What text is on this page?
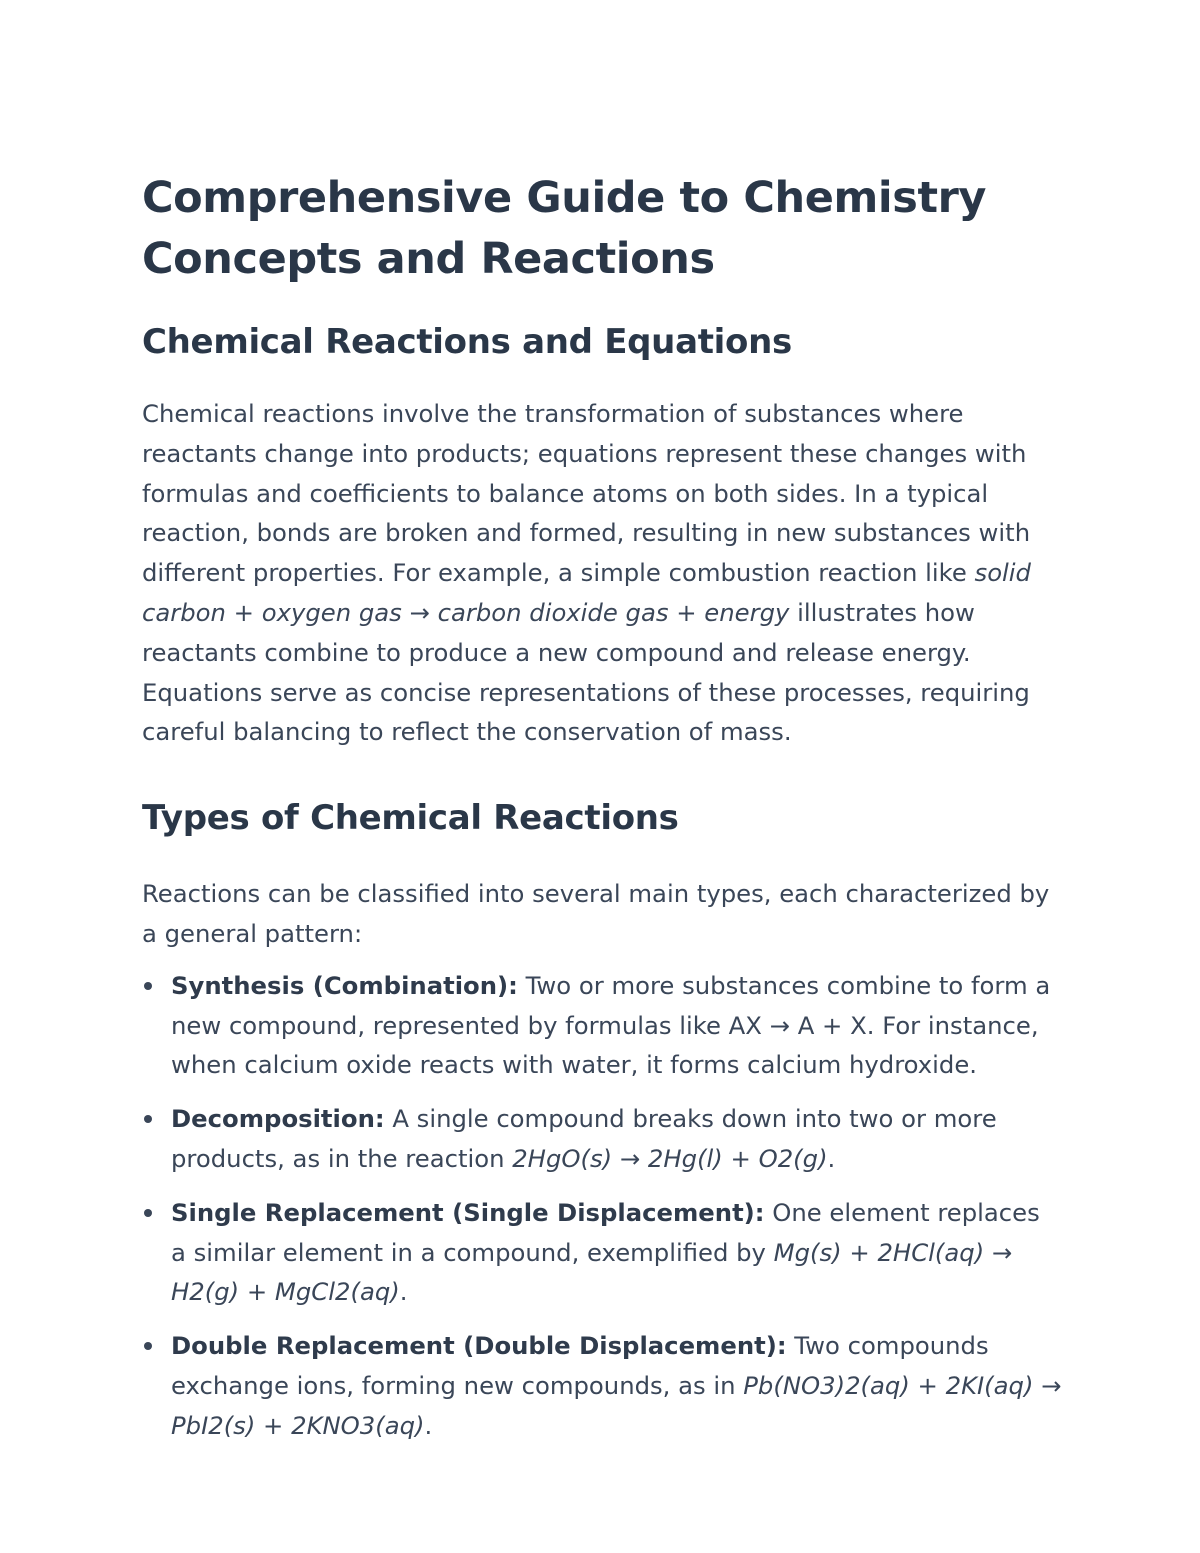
Comprehensive Guide to Chemistry Concepts and Reactions
Chemical Reactions and Equations

Chemical reactions involve the transformation of substances where reactants change into products; equations represent these changes with formulas and coefficients to balance atoms on both sides. In a typical reaction, bonds are broken and formed, resulting in new substances with different properties. For example, a simple combustion reaction like solid carbon + oxygen gas → carbon dioxide gas + energy illustrates how reactants combine to produce a new compound and release energy. Equations serve as concise representations of these processes, requiring careful balancing to reflect the conservation of mass.

Types of Chemical Reactions

Reactions can be classified into several main types, each characterized by a general pattern:

Synthesis (Combination): Two or more substances combine to form a new compound, represented by formulas like AX → A + X. For instance, when calcium oxide reacts with water, it forms calcium hydroxide.
Decomposition: A single compound breaks down into two or more products, as in the reaction 2HgO(s) → 2Hg(l) + O2(g).
Single Replacement (Single Displacement): One element replaces a similar element in a compound, exemplified by Mg(s) + 2HCl(aq) → H2(g) + MgCl2(aq).
Double Replacement (Double Displacement): Two compounds exchange ions, forming new compounds, as in Pb(NO3)2(aq) + 2KI(aq) → PbI2(s) + 2KNO3(aq).
